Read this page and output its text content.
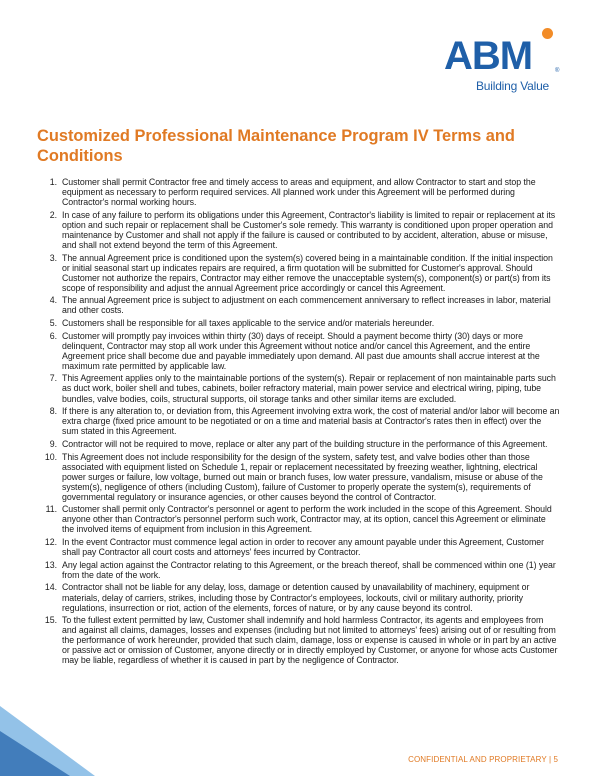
ABM	®
Building Value
Customized Professional Maintenance Program IV Terms and Conditions
1. Customer shall permit Contractor free and timely access to areas and equipment, and allow Contractor to start and stop the equipment as necessary to perform required services. All planned work under this Agreement will be performed during Contractor's normal working hours.
2. In case of any failure to perform its obligations under this Agreement, Contractor's liability is limited to repair or replacement at its option and such repair or replacement shall be Customer's sole remedy. This warranty is conditioned upon proper operation and maintenance by Customer and shall not apply if the failure is caused or contributed to by accident, alteration, abuse or misuse, and shall not extend beyond the term of this Agreement.
3. The annual Agreement price is conditioned upon the system(s) covered being in a maintainable condition. If the initial inspection or initial seasonal start up indicates repairs are required, a firm quotation will be submitted for Customer's approval. Should Customer not authorize the repairs, Contractor may either remove the unacceptable system(s), component(s) or part(s) from its scope of responsibility and adjust the annual Agreement price accordingly or cancel this Agreement.
4. The annual Agreement price is subject to adjustment on each commencement anniversary to reflect increases in labor, material and other costs.
5. Customers shall be responsible for all taxes applicable to the service and/or materials hereunder.
6. Customer will promptly pay invoices within thirty (30) days of receipt. Should a payment become thirty (30) days or more delinquent, Contractor may stop all work under this Agreement without notice and/or cancel this Agreement, and the entire Agreement price shall become due and payable immediately upon demand. All past due amounts shall accrue interest at the maximum rate permitted by applicable law.
7. This Agreement applies only to the maintainable portions of the system(s). Repair or replacement of non maintainable parts such as duct work, boiler shell and tubes, cabinets, boiler refractory material, main power service and electrical wiring, piping, tube bundles, valve bodies, coils, structural supports, oil storage tanks and other similar items are excluded.
8. If there is any alteration to, or deviation from, this Agreement involving extra work, the cost of material and/or labor will become an extra charge (fixed price amount to be negotiated or on a time and material basis at Contractor's rates then in effect) over the sum stated in this Agreement.
9. Contractor will not be required to move, replace or alter any part of the building structure in the performance of this Agreement.
10. This Agreement does not include responsibility for the design of the system, safety test, and valve bodies other than those associated with equipment listed on Schedule 1, repair or replacement necessitated by freezing weather, lightning, electrical power surges or failure, low voltage, burned out main or branch fuses, low water pressure, vandalism, misuse or abuse of the system(s), negligence of others (including Custom), failure of Customer to properly operate the system(s), requirements of governmental regulatory or insurance agencies, or other causes beyond the control of Contractor.
11. Customer shall permit only Contractor's personnel or agent to perform the work included in the scope of this Agreement. Should anyone other than Contractor's personnel perform such work, Contractor may, at its option, cancel this Agreement or eliminate the involved items of equipment from inclusion in this Agreement.
12. In the event Contractor must commence legal action in order to recover any amount payable under this Agreement, Customer shall pay Contractor all court costs and attorneys' fees incurred by Contractor.
13. Any legal action against the Contractor relating to this Agreement, or the breach thereof, shall be commenced within one (1) year from the date of the work.
14. Contractor shall not be liable for any delay, loss, damage or detention caused by unavailability of machinery, equipment or materials, delay of carriers, strikes, including those by Contractor's employees, lockouts, civil or military authority, priority regulations, insurrection or riot, action of the elements, forces of nature, or by any cause beyond its control.
15. To the fullest extent permitted by law, Customer shall indemnify and hold harmless Contractor, its agents and employees from and against all claims, damages, losses and expenses (including but not limited to attorneys' fees) arising out of or resulting from the performance of work hereunder, provided that such claim, damage, loss or expense is caused in whole or in part by an active or passive act or omission of Customer, anyone directly or in directly employed by Customer, or anyone for whose acts Customer may be liable, regardless of whether it is caused in part by the negligence of Contractor.
CONFIDENTIAL AND PROPRIETARY | 5
